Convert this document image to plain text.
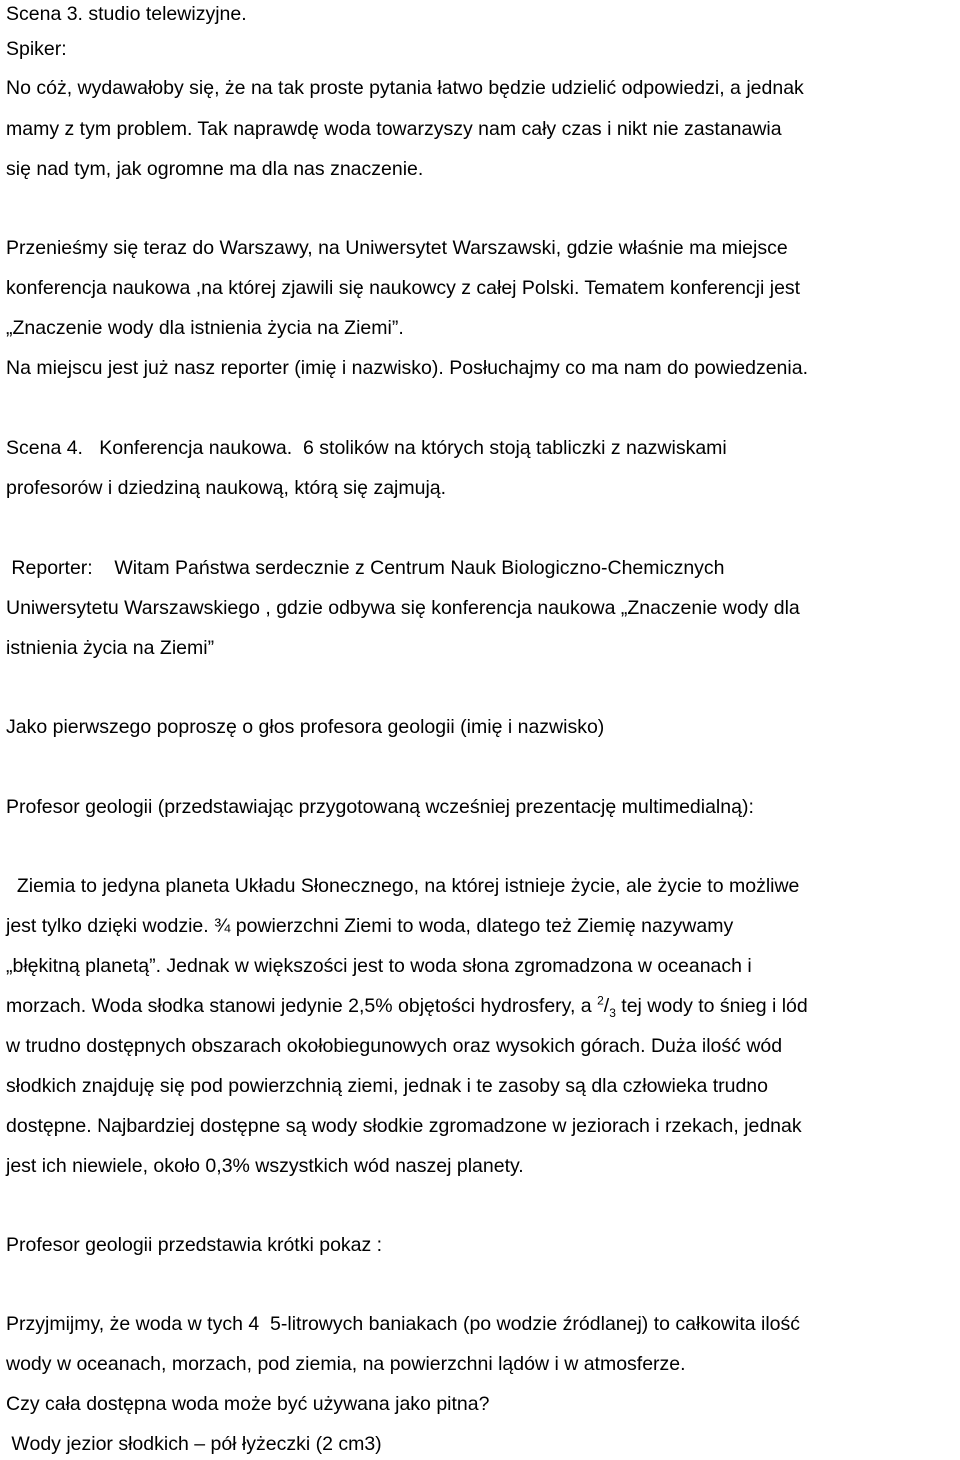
Scena 3. studio telewizyjne.
Spiker:
No cóż, wydawałoby się, że na tak proste pytania łatwo będzie udzielić odpowiedzi, a jednak
mamy z tym problem. Tak naprawdę woda towarzyszy nam cały czas i nikt nie zastanawia
się nad tym, jak ogromne ma dla nas znaczenie.
Przenieśmy się teraz do Warszawy, na Uniwersytet Warszawski, gdzie właśnie ma miejsce
konferencja naukowa ,na której zjawili się naukowcy z całej Polski. Tematem konferencji jest
„Znaczenie wody dla istnienia życia na Ziemi”.
Na miejscu jest już nasz reporter (imię i nazwisko). Posłuchajmy co ma nam do powiedzenia.
Scena 4.   Konferencja naukowa.  6 stolików na których stoją tabliczki z nazwiskami
profesorów i dziedziną naukową, którą się zajmują.
Reporter:    Witam Państwa serdecznie z Centrum Nauk Biologiczno-Chemicznych
Uniwersytetu Warszawskiego , gdzie odbywa się konferencja naukowa „Znaczenie wody dla
istnienia życia na Ziemi”
Jako pierwszego poproszę o głos profesora geologii (imię i nazwisko)
Profesor geologii (przedstawiając przygotowaną wcześniej prezentację multimedialną):
Ziemia to jedyna planeta Układu Słonecznego, na której istnieje życie, ale życie to możliwe
jest tylko dzięki wodzie. ¾ powierzchni Ziemi to woda, dlatego też Ziemię nazywamy
„błękitną planetą”. Jednak w większości jest to woda słona zgromadzona w oceanach i
morzach. Woda słodka stanowi jedynie 2,5% objętości hydrosfery, a $^2/_3$ tej wody to śnieg i lód
w trudno dostępnych obszarach okołobiegunowych oraz wysokich górach. Duża ilość wód
słodkich znajduję się pod powierzchnią ziemi, jednak i te zasoby są dla człowieka trudno
dostępne. Najbardziej dostępne są wody słodkie zgromadzone w jeziorach i rzekach, jednak
jest ich niewiele, około 0,3% wszystkich wód naszej planety.
Profesor geologii przedstawia krótki pokaz :
Przyjmijmy, że woda w tych 4  5-litrowych baniakach (po wodzie źródlanej) to całkowita ilość
wody w oceanach, morzach, pod ziemia, na powierzchni lądów i w atmosferze.
Czy cała dostępna woda może być używana jako pitna?
Wody jezior słodkich – pół łyżeczki (2 cm3)
